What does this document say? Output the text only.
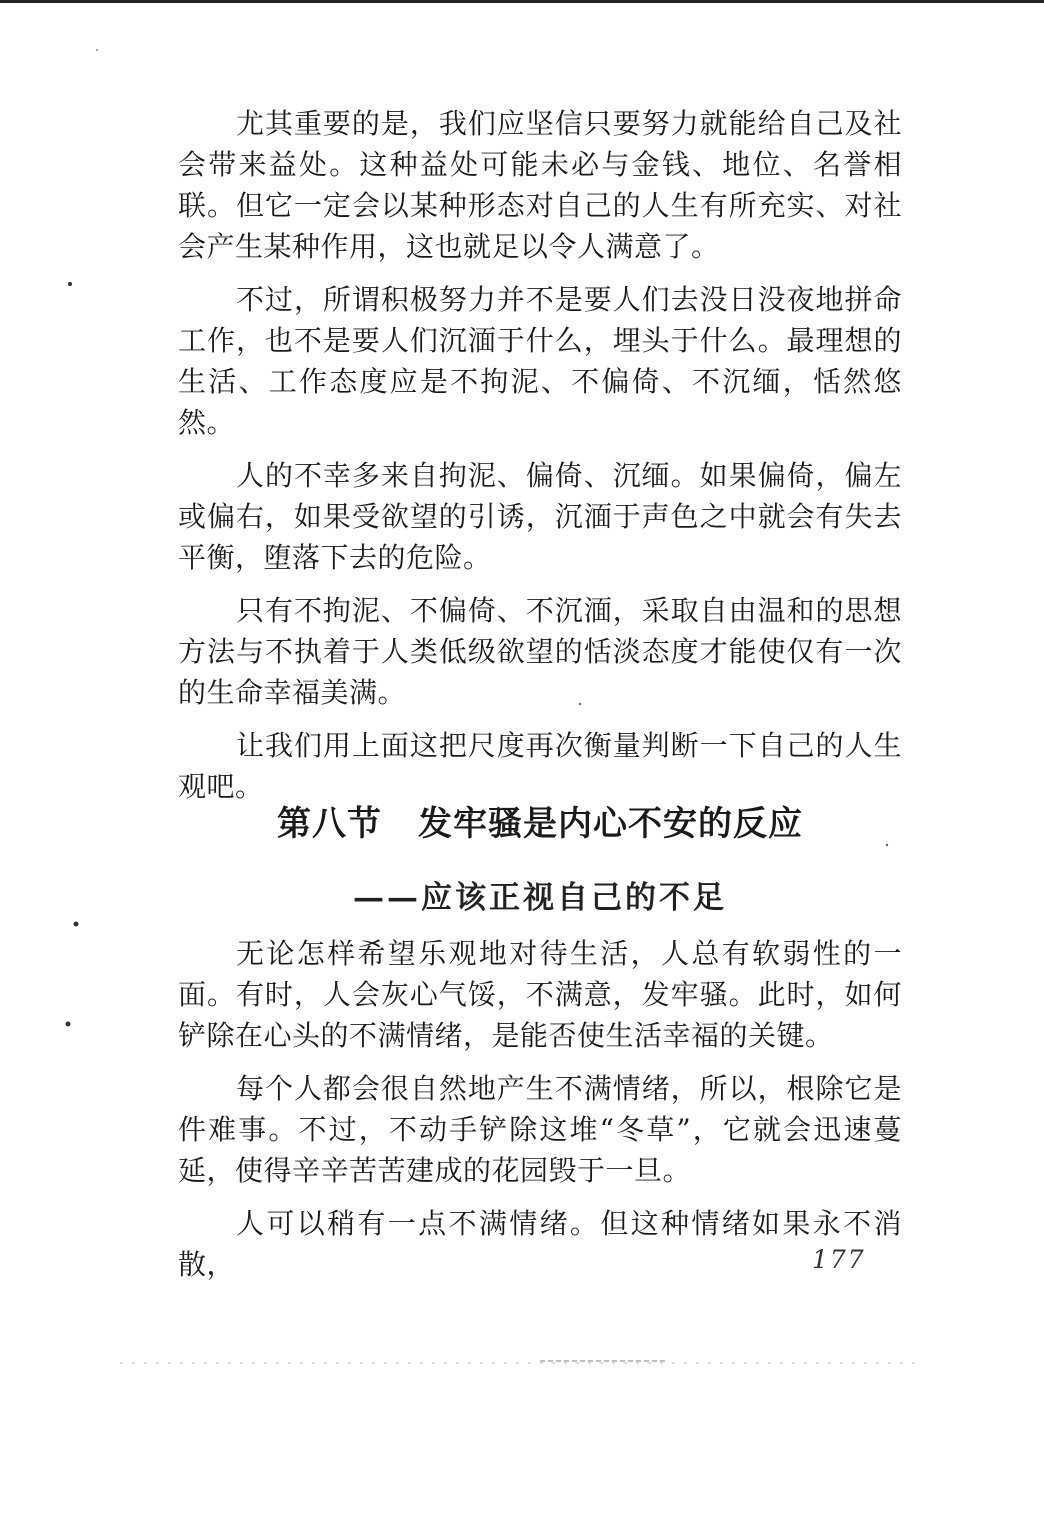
尤其重要的是，我们应坚信只要努力就能给自己及社会带来益处。这种益处可能未必与金钱、地位、名誉相联。但它一定会以某种形态对自己的人生有所充实、对社会产生某种作用，这也就足以令人满意了。

不过，所谓积极努力并不是要人们去没日没夜地拼命工作，也不是要人们沉湎于什么，埋头于什么。最理想的生活、工作态度应是不拘泥、不偏倚、不沉缅，恬然悠然。

人的不幸多来自拘泥、偏倚、沉缅。如果偏倚，偏左或偏右，如果受欲望的引诱，沉湎于声色之中就会有失去平衡，堕落下去的危险。

只有不拘泥、不偏倚、不沉湎，采取自由温和的思想方法与不执着于人类低级欲望的恬淡态度才能使仅有一次的生命幸福美满。

让我们用上面这把尺度再次衡量判断一下自己的人生观吧。

第八节 发牢骚是内心不安的反应
——应该正视自己的不足

无论怎样希望乐观地对待生活，人总有软弱性的一面。有时，人会灰心气馁，不满意，发牢骚。此时，如何铲除在心头的不满情绪，是能否使生活幸福的关键。

每个人都会很自然地产生不满情绪，所以，根除它是件难事。不过，不动手铲除这堆“冬草”，它就会迅速蔓延，使得辛辛苦苦建成的花园毁于一旦。

人可以稍有一点不满情绪。但这种情绪如果永不消散，	177
